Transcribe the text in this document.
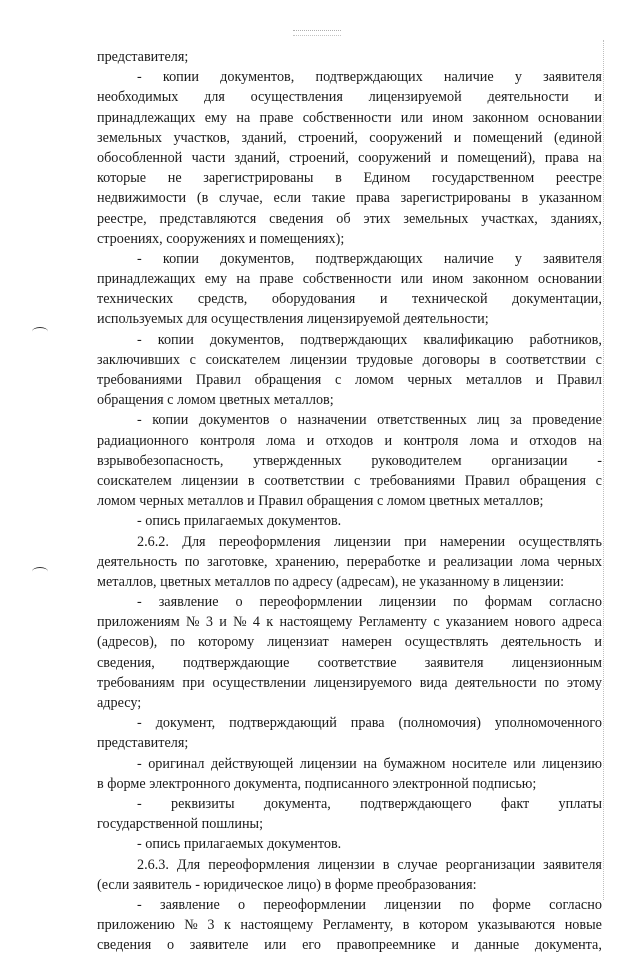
представителя;
- копии документов, подтверждающих наличие у заявителя
необходимых для осуществления лицензируемой деятельности и
принадлежащих ему на праве собственности или ином законном основании
земельных участков, зданий, строений, сооружений и помещений (единой
обособленной части зданий, строений, сооружений и помещений), права на
которые не зарегистрированы в Едином государственном реестре
недвижимости (в случае, если такие права зарегистрированы в указанном
реестре, представляются сведения об этих земельных участках, зданиях,
строениях, сооружениях и помещениях);
- копии документов, подтверждающих наличие у заявителя
принадлежащих ему на праве собственности или ином законном основании
технических средств, оборудования и технической документации,
используемых для осуществления лицензируемой деятельности;
- копии документов, подтверждающих квалификацию работников,
заключивших с соискателем лицензии трудовые договоры в соответствии с
требованиями Правил обращения с ломом черных металлов и Правил
обращения с ломом цветных металлов;
- копии документов о назначении ответственных лиц за проведение
радиационного контроля лома и отходов и контроля лома и отходов на
взрывобезопасность, утвержденных руководителем организации -
соискателем лицензии в соответствии с требованиями Правил обращения с
ломом черных металлов и Правил обращения с ломом цветных металлов;
- опись прилагаемых документов.
2.6.2. Для переоформления лицензии при намерении осуществлять
деятельность по заготовке, хранению, переработке и реализации лома черных
металлов, цветных металлов по адресу (адресам), не указанному в лицензии:
- заявление о переоформлении лицензии по формам согласно
приложениям № 3 и № 4 к настоящему Регламенту с указанием нового адреса
(адресов), по которому лицензиат намерен осуществлять деятельность и
сведения, подтверждающие соответствие заявителя лицензионным
требованиям при осуществлении лицензируемого вида деятельности по этому
адресу;
- документ, подтверждающий права (полномочия) уполномоченного
представителя;
- оригинал действующей лицензии на бумажном носителе или лицензию
в форме электронного документа, подписанного электронной подписью;
- реквизиты документа, подтверждающего факт уплаты
государственной пошлины;
- опись прилагаемых документов.
2.6.3. Для переоформления лицензии в случае реорганизации заявителя
(если заявитель - юридическое лицо) в форме преобразования:
- заявление о переоформлении лицензии по форме согласно
приложению № 3 к настоящему Регламенту, в котором указываются новые
сведения о заявителе или его правопреемнике и данные документа,
